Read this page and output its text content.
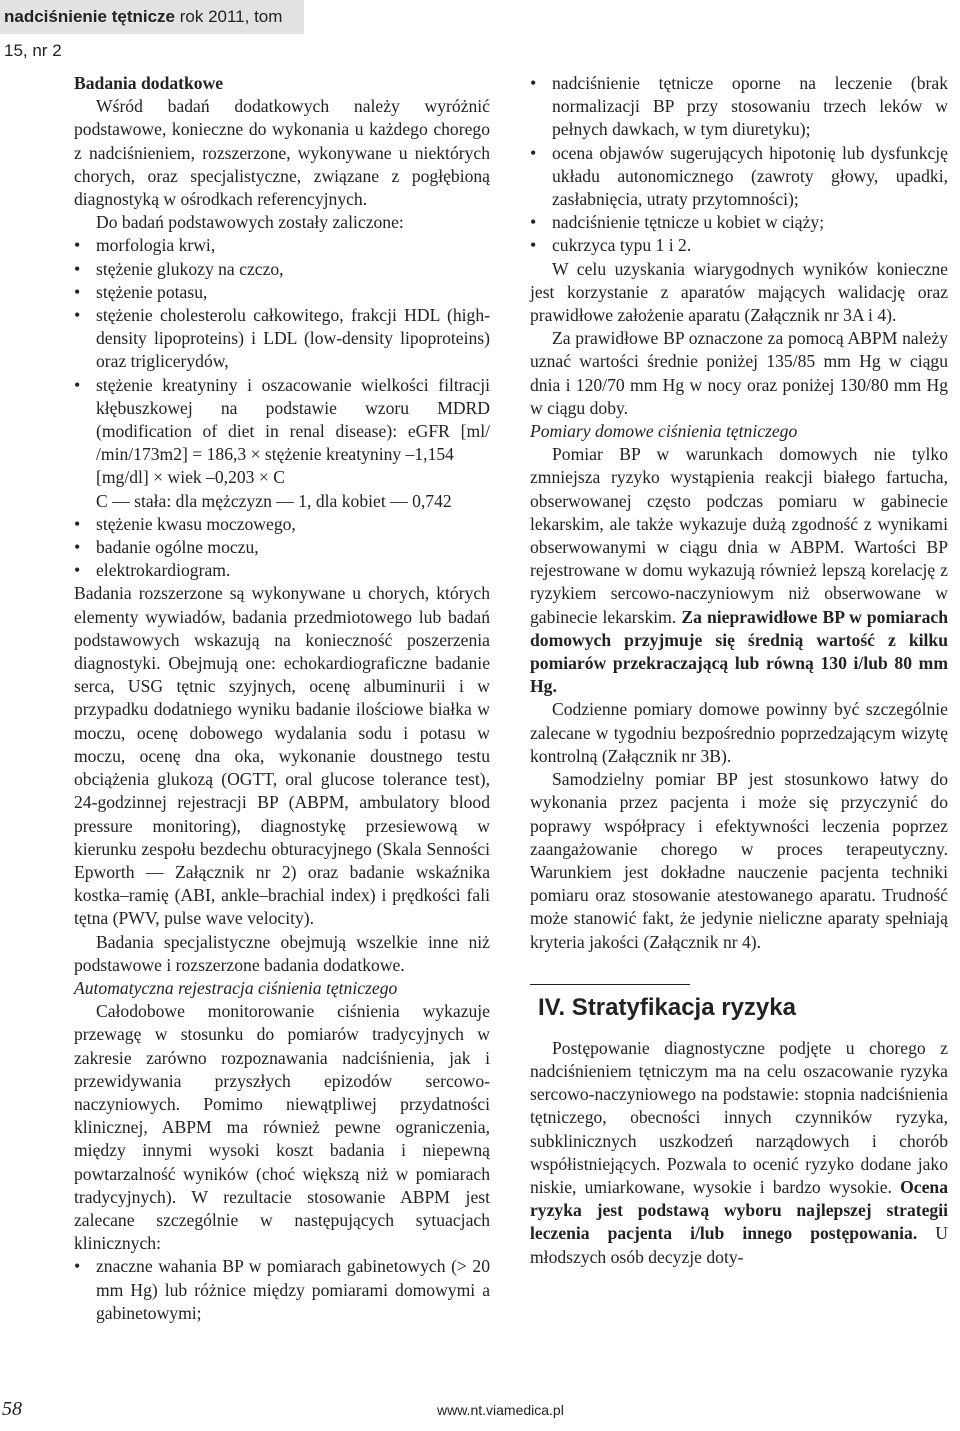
nadciśnienie tętnicze rok 2011, tom 15, nr 2

Badania dodatkowe

Wśród badań dodatkowych należy wyróżnić podstawowe, konieczne do wykonania u każdego chorego z nadciśnieniem, rozszerzone, wykonywane u niektórych chorych, oraz specjalistyczne, związane z pogłębioną diagnostyką w ośrodkach referencyjnych.

Do badań podstawowych zostały zaliczone:

• morfologia krwi,
• stężenie glukozy na czczo,
• stężenie potasu,
• stężenie cholesterolu całkowitego, frakcji HDL (high-density lipoproteins) i LDL (low-density lipoproteins) oraz triglicerydów,
• stężenie kreatyniny i oszacowanie wielkości filtracji kłębuszkowej na podstawie wzoru MDRD (modification of diet in renal disease): eGFR [ml/ /min/173m2] = 186,3 × stężenie kreatyniny –1,154
[mg/dl] × wiek –0,203 × C
C — stała: dla mężczyzn — 1, dla kobiet — 0,742
• stężenie kwasu moczowego,
• badanie ogólne moczu,
• elektrokardiogram.

Badania rozszerzone są wykonywane u chorych, których elementy wywiadów, badania przedmiotowego lub badań podstawowych wskazują na konieczność poszerzenia diagnostyki. Obejmują one: echokardiograficzne badanie serca, USG tętnic szyjnych, ocenę albuminurii i w przypadku dodatniego wyniku badanie ilościowe białka w moczu, ocenę dobowego wydalania sodu i potasu w moczu, ocenę dna oka, wykonanie doustnego testu obciążenia glukozą (OGTT, oral glucose tolerance test), 24-godzinnej rejestracji BP (ABPM, ambulatory blood pressure monitoring), diagnostykę przesiewową w kierunku zespołu bezdechu obturacyjnego (Skala Senności Epworth — Załącznik nr 2) oraz badanie wskaźnika kostka–ramię (ABI, ankle–brachial index) i prędkości fali tętna (PWV, pulse wave velocity).

Badania specjalistyczne obejmują wszelkie inne niż podstawowe i rozszerzone badania dodatkowe.

Automatyczna rejestracja ciśnienia tętniczego

Całodobowe monitorowanie ciśnienia wykazuje przewagę w stosunku do pomiarów tradycyjnych w zakresie zarówno rozpoznawania nadciśnienia, jak i przewidywania przyszłych epizodów sercowo-naczyniowych. Pomimo niewątpliwej przydatności klinicznej, ABPM ma również pewne ograniczenia, między innymi wysoki koszt badania i niepewną powtarzalność wyników (choć większą niż w pomiarach tradycyjnych). W rezultacie stosowanie ABPM jest zalecane szczególnie w następujących sytuacjach klinicznych:

• znaczne wahania BP w pomiarach gabinetowych (> 20 mm Hg) lub różnice między pomiarami domowymi a gabinetowymi;
• nadciśnienie tętnicze oporne na leczenie (brak normalizacji BP przy stosowaniu trzech leków w pełnych dawkach, w tym diuretyku);
• ocena objawów sugerujących hipotonię lub dysfunkcję układu autonomicznego (zawroty głowy, upadki, zasłabnięcia, utraty przytomności);
• nadciśnienie tętnicze u kobiet w ciąży;
• cukrzyca typu 1 i 2.

W celu uzyskania wiarygodnych wyników konieczne jest korzystanie z aparatów mających walidację oraz prawidłowe założenie aparatu (Załącznik nr 3A i 4).

Za prawidłowe BP oznaczone za pomocą ABPM należy uznać wartości średnie poniżej 135/85 mm Hg w ciągu dnia i 120/70 mm Hg w nocy oraz poniżej 130/80 mm Hg w ciągu doby.

Pomiary domowe ciśnienia tętniczego

Pomiar BP w warunkach domowych nie tylko zmniejsza ryzyko wystąpienia reakcji białego fartucha, obserwowanej często podczas pomiaru w gabinecie lekarskim, ale także wykazuje dużą zgodność z wynikami obserwowanymi w ciągu dnia w ABPM. Wartości BP rejestrowane w domu wykazują również lepszą korelację z ryzykiem sercowo-naczyniowym niż obserwowane w gabinecie lekarskim. Za nieprawidłowe BP w pomiarach domowych przyjmuje się średnią wartość z kilku pomiarów przekraczającą lub równą 130 i/lub 80 mm Hg.

Codzienne pomiary domowe powinny być szczególnie zalecane w tygodniu bezpośrednio poprzedzającym wizytę kontrolną (Załącznik nr 3B).

Samodzielny pomiar BP jest stosunkowo łatwy do wykonania przez pacjenta i może się przyczynić do poprawy współpracy i efektywności leczenia poprzez zaangażowanie chorego w proces terapeutyczny. Warunkiem jest dokładne nauczenie pacjenta techniki pomiaru oraz stosowanie atestowanego aparatu. Trudność może stanowić fakt, że jedynie nieliczne aparaty spełniają kryteria jakości (Załącznik nr 4).

IV. Stratyfikacja ryzyka

Postępowanie diagnostyczne podjęte u chorego z nadciśnieniem tętniczym ma na celu oszacowanie ryzyka sercowo-naczyniowego na podstawie: stopnia nadciśnienia tętniczego, obecności innych czynników ryzyka, subklinicznych uszkodzeń narządowych i chorób współistniejących. Pozwala to ocenić ryzyko dodane jako niskie, umiarkowane, wysokie i bardzo wysokie. Ocena ryzyka jest podstawą wyboru najlepszej strategii leczenia pacjenta i/lub innego postępowania. U młodszych osób decyzje doty-

58	www.nt.viamedica.pl
